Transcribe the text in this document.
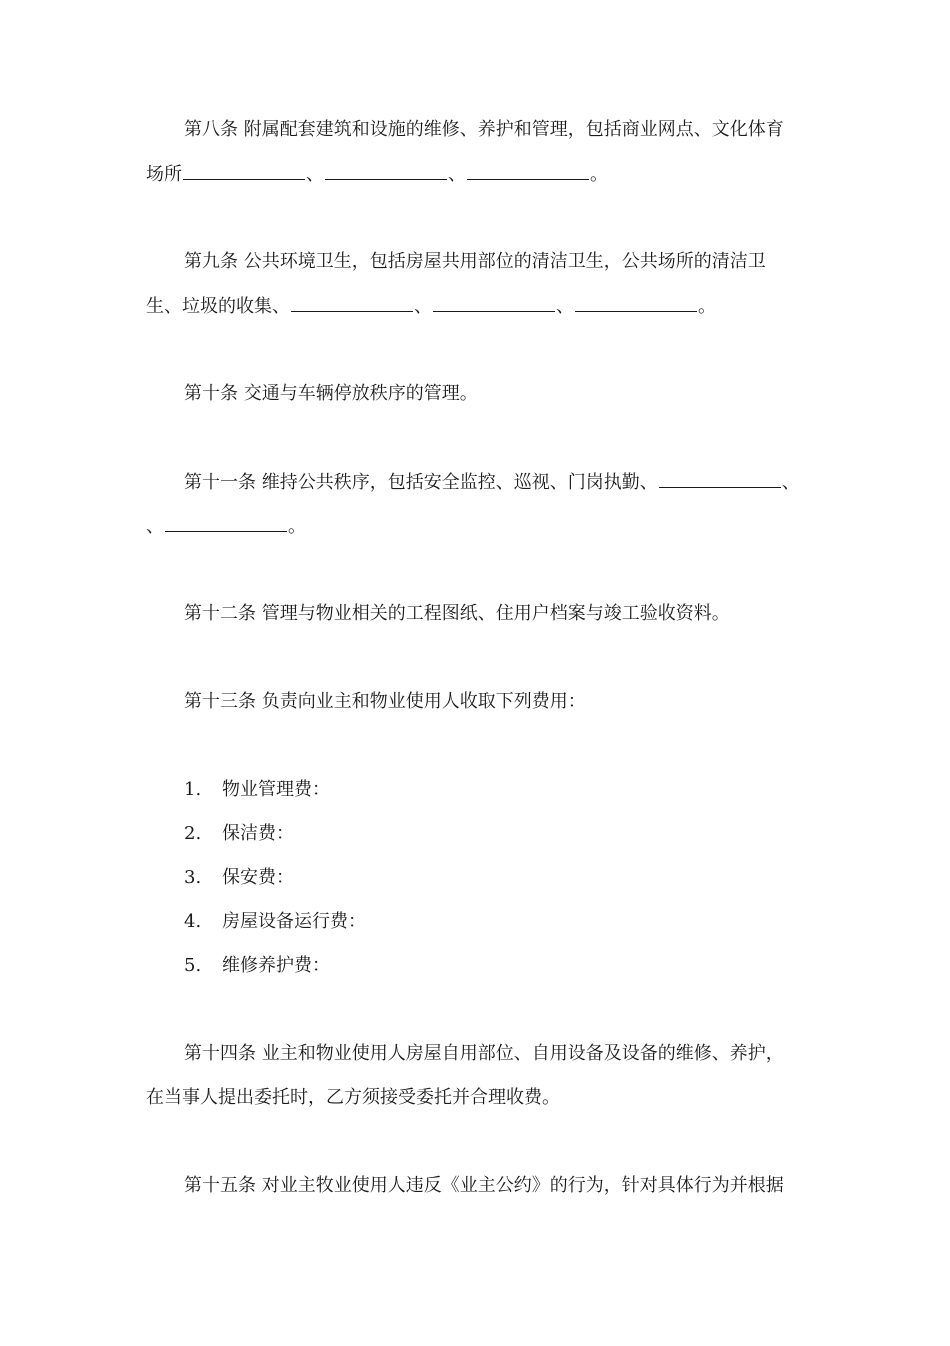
第八条 附属配套建筑和设施的维修、养护和管理，包括商业网点、文化体育
场所	、	、	。
第九条 公共环境卫生，包括房屋共用部位的清洁卫生，公共场所的清洁卫
生、垃圾的收集、	、	、	。
第十条 交通与车辆停放秩序的管理。
第十一条 维持公共秩序，包括安全监控、巡视、门岗执勤、	、
、	。
第十二条 管理与物业相关的工程图纸、住用户档案与竣工验收资料。
第十三条 负责向业主和物业使用人收取下列费用：
1. 物业管理费：
2. 保洁费：
3. 保安费：
4. 房屋设备运行费：
5. 维修养护费：
第十四条 业主和物业使用人房屋自用部位、自用设备及设备的维修、养护，
在当事人提出委托时，乙方须接受委托并合理收费。
第十五条 对业主牧业使用人违反《业主公约》的行为，针对具体行为并根据
